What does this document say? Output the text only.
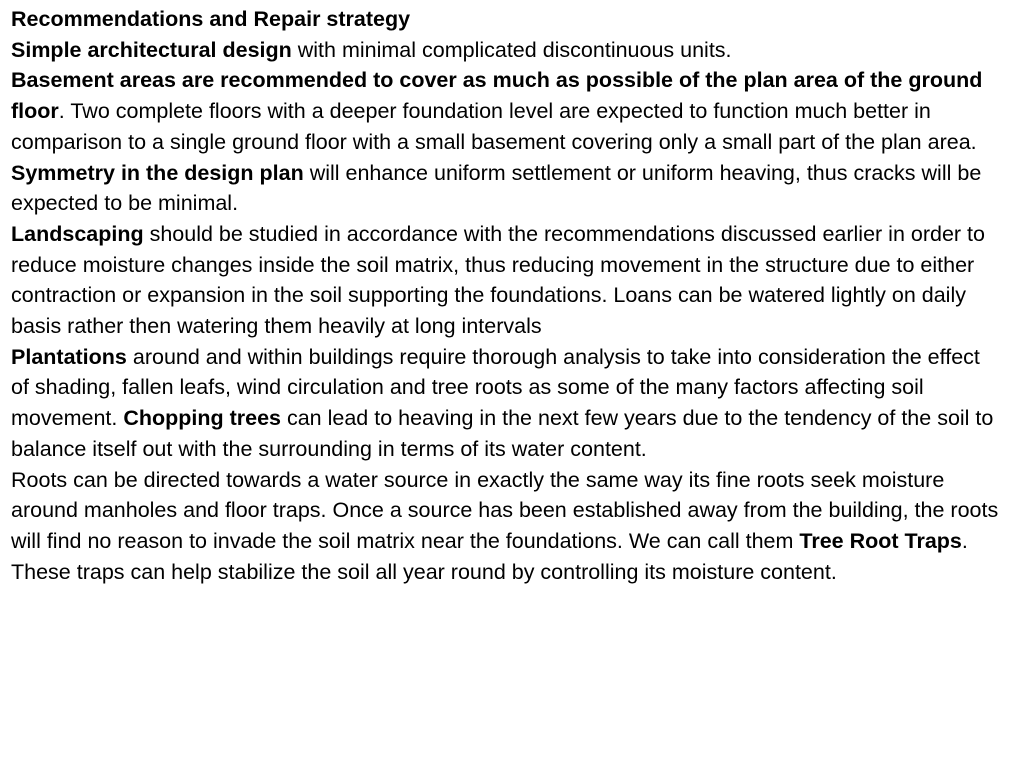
Recommendations and Repair strategy

Simple architectural design with minimal complicated discontinuous units.

Basement areas are recommended to cover as much as possible of the plan area of the ground floor. Two complete floors with a deeper foundation level are expected to function much better in comparison to a single ground floor with a small basement covering only a small part of the plan area.

Symmetry in the design plan will enhance uniform settlement or uniform heaving, thus cracks will be expected to be minimal.

Landscaping should be studied in accordance with the recommendations discussed earlier in order to reduce moisture changes inside the soil matrix, thus reducing movement in the structure due to either contraction or expansion in the soil supporting the foundations. Loans can be watered lightly on daily basis rather then watering them heavily at long intervals

Plantations around and within buildings require thorough analysis to take into consideration the effect of shading, fallen leafs, wind circulation and tree roots as some of the many factors affecting soil movement. Chopping trees can lead to heaving in the next few years due to the tendency of the soil to balance itself out with the surrounding in terms of its water content.

Roots can be directed towards a water source in exactly the same way its fine roots seek moisture around manholes and floor traps. Once a source has been established away from the building, the roots will find no reason to invade the soil matrix near the foundations. We can call them Tree Root Traps. These traps can help stabilize the soil all year round by controlling its moisture content.
